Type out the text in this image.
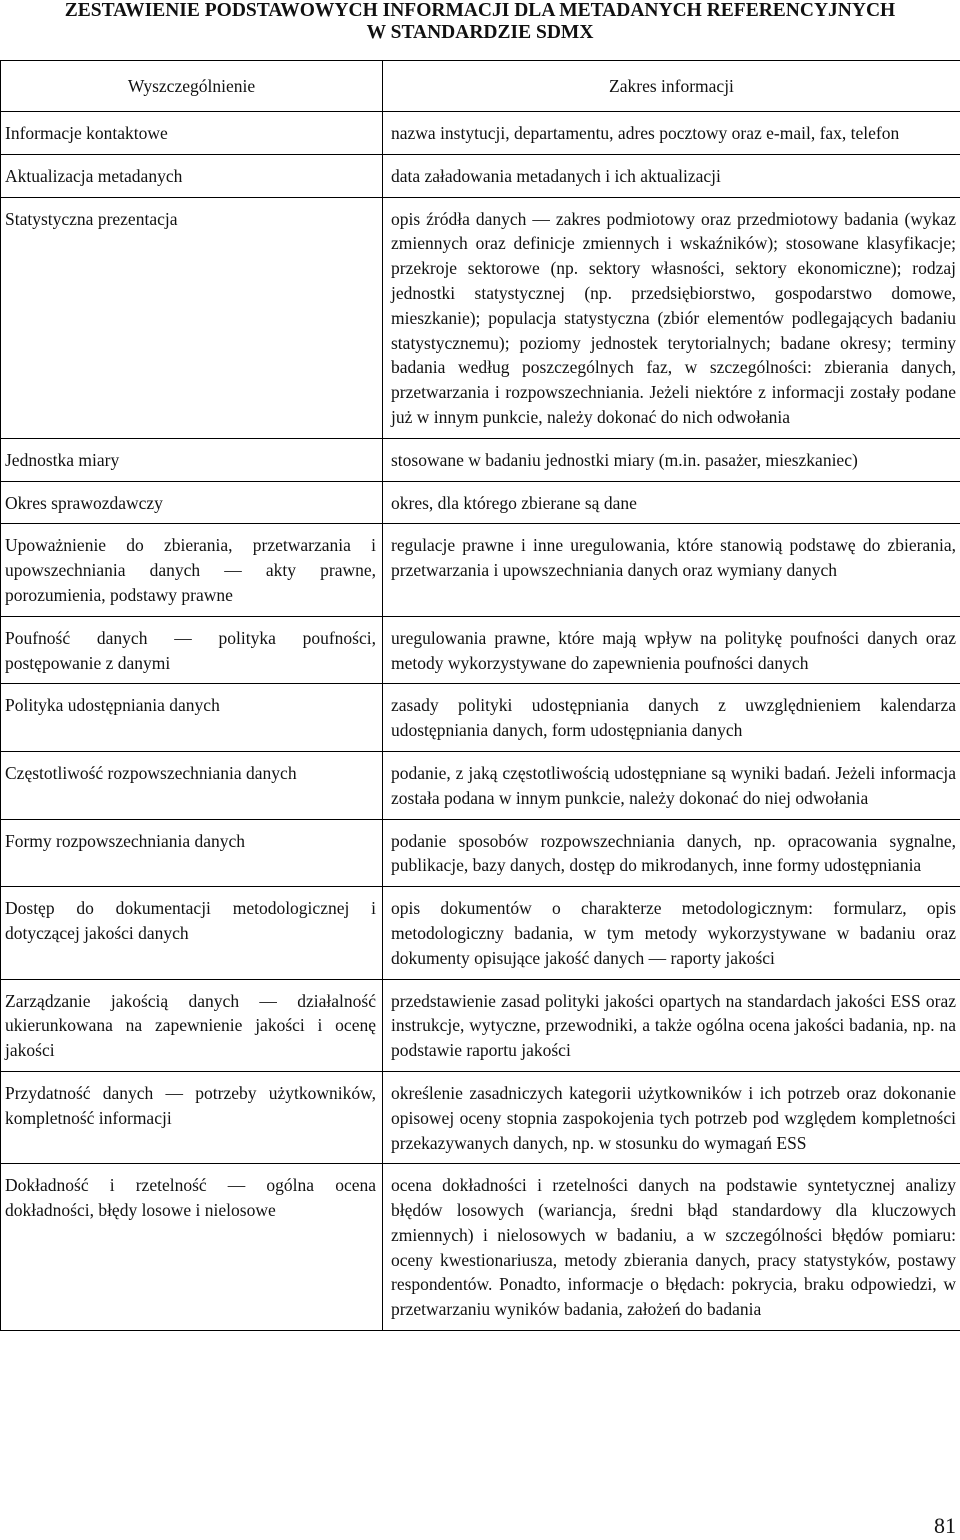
ZESTAWIENIE PODSTAWOWYCH INFORMACJI DLA METADANYCH REFERENCYJNYCH
W STANDARDZIE SDMX
Wyszczególnienie	Zakres informacji
Informacje kontaktowe	nazwa instytucji, departamentu, adres pocztowy oraz e-mail, fax, telefon
Aktualizacja metadanych	data załadowania metadanych i ich aktualizacji
Statystyczna prezentacja	opis źródła danych — zakres podmiotowy oraz przedmiotowy badania (wykaz zmiennych oraz definicje zmiennych i wskaźników); stosowane klasyfikacje; przekroje sektorowe (np. sektory własności, sektory ekonomiczne); rodzaj jednostki statystycznej (np. przedsiębiorstwo, gospodarstwo domowe, mieszkanie); populacja statystyczna (zbiór elementów podlegających badaniu statystycznemu); poziomy jednostek terytorialnych; badane okresy; terminy badania według poszczególnych faz, w szczególności: zbierania danych, przetwarzania i rozpowszechniania. Jeżeli niektóre z informacji zostały podane już w innym punkcie, należy dokonać do nich odwołania
Jednostka miary	stosowane w badaniu jednostki miary (m.in. pasażer, mieszkaniec)
Okres sprawozdawczy	okres, dla którego zbierane są dane
Upoważnienie do zbierania, przetwarzania i upowszechniania danych — akty prawne, porozumienia, podstawy prawne	regulacje prawne i inne uregulowania, które stanowią podstawę do zbierania, przetwarzania i upowszechniania danych oraz wymiany danych
Poufność danych — polityka poufności, postępowanie z danymi	uregulowania prawne, które mają wpływ na politykę poufności danych oraz metody wykorzystywane do zapewnienia poufności danych
Polityka udostępniania danych	zasady polityki udostępniania danych z uwzględnieniem kalendarza udostępniania danych, form udostępniania danych
Częstotliwość rozpowszechniania danych	podanie, z jaką częstotliwością udostępniane są wyniki badań. Jeżeli informacja została podana w innym punkcie, należy dokonać do niej odwołania
Formy rozpowszechniania danych	podanie sposobów rozpowszechniania danych, np. opracowania sygnalne, publikacje, bazy danych, dostęp do mikrodanych, inne formy udostępniania
Dostęp do dokumentacji metodologicznej i dotyczącej jakości danych	opis dokumentów o charakterze metodologicznym: formularz, opis metodologiczny badania, w tym metody wykorzystywane w badaniu oraz dokumenty opisujące jakość danych — raporty jakości
Zarządzanie jakością danych — działalność ukierunkowana na zapewnienie jakości i ocenę jakości	przedstawienie zasad polityki jakości opartych na standardach jakości ESS oraz instrukcje, wytyczne, przewodniki, a także ogólna ocena jakości badania, np. na podstawie raportu jakości
Przydatność danych — potrzeby użytkowników, kompletność informacji	określenie zasadniczych kategorii użytkowników i ich potrzeb oraz dokonanie opisowej oceny stopnia zaspokojenia tych potrzeb pod względem kompletności przekazywanych danych, np. w stosunku do wymagań ESS
Dokładność i rzetelność — ogólna ocena dokładności, błędy losowe i nielosowe	ocena dokładności i rzetelności danych na podstawie syntetycznej analizy błędów losowych (wariancja, średni błąd standardowy dla kluczowych zmiennych) i nielosowych w badaniu, a w szczególności błędów pomiaru: oceny kwestionariusza, metody zbierania danych, pracy statystyków, postawy respondentów. Ponadto, informacje o błędach: pokrycia, braku odpowiedzi, w przetwarzaniu wyników badania, założeń do badania
81
